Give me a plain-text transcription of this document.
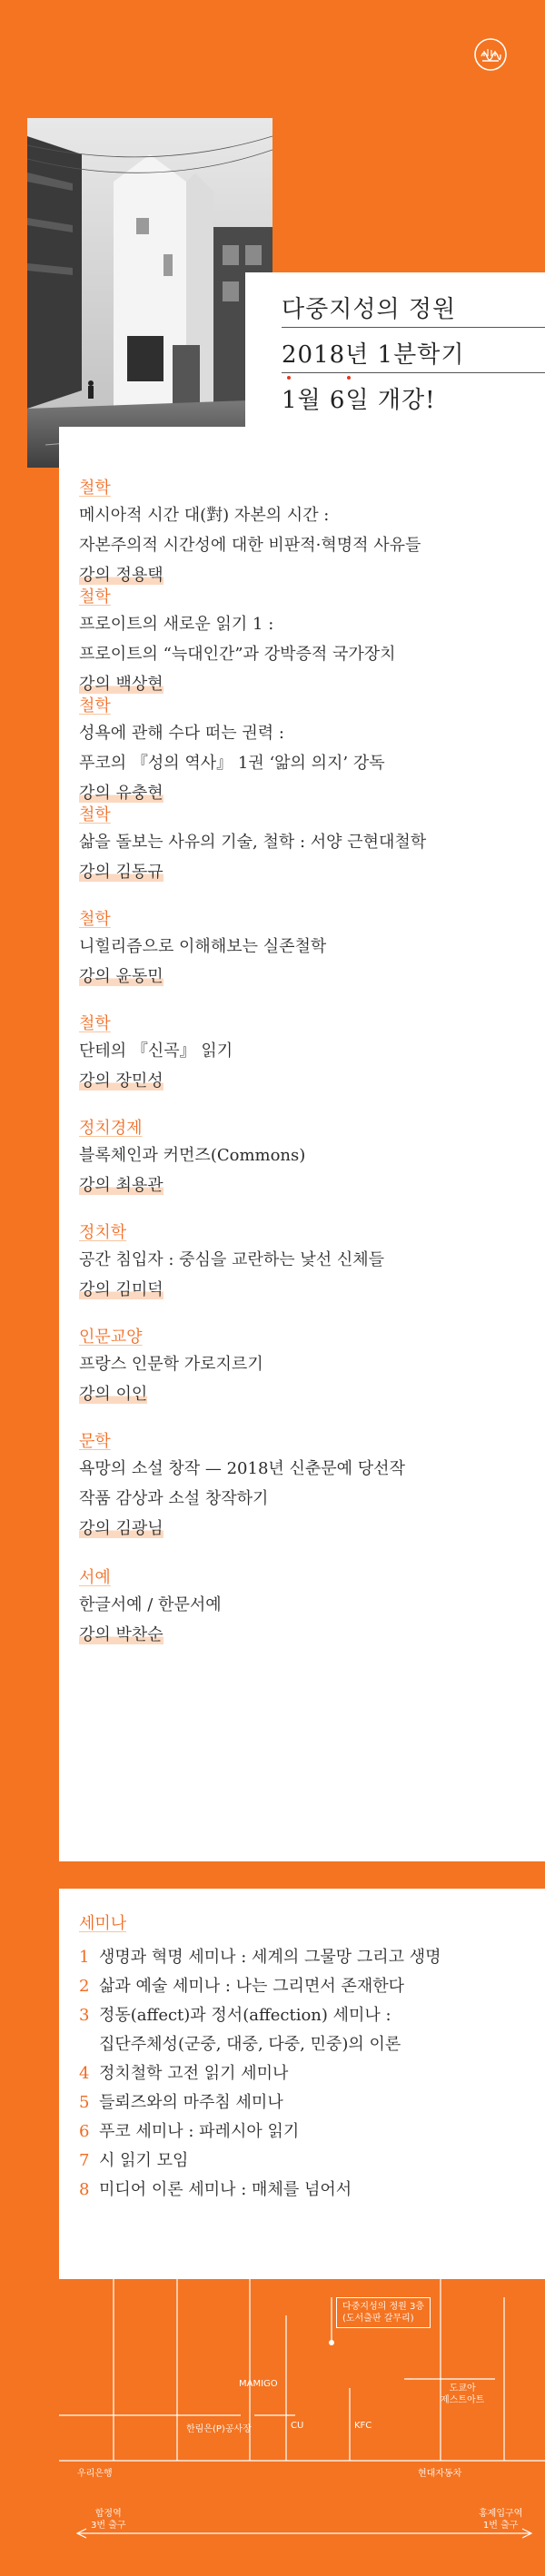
다중지성의 정원
2018년 1분학기
1월 6일 개강!
철학
메시아적 시간 대(對) 자본의 시간 :
자본주의적 시간성에 대한 비판적·혁명적 사유들
강의 정용택
철학
프로이트의 새로운 읽기 1 :
프로이트의 “늑대인간”과 강박증적 국가장치
강의 백상현
철학
성욕에 관해 수다 떠는 권력 :
푸코의 『성의 역사』 1권 ‘앎의 의지’ 강독
강의 유충현
철학
삶을 돌보는 사유의 기술, 철학 : 서양 근현대철학
강의 김동규
철학
니힐리즘으로 이해해보는 실존철학
강의 윤동민
철학
단테의 『신곡』 읽기
강의 장민성
정치경제
블록체인과 커먼즈(Commons)
강의 최용관
정치학
공간 침입자 : 중심을 교란하는 낯선 신체들
강의 김미덕
인문교양
프랑스 인문학 가로지르기
강의 이인
문학
욕망의 소설 창작 — 2018년 신춘문예 당선작
작품 감상과 소설 창작하기
강의 김광님
서예
한글서예 / 한문서예
강의 박찬순
세미나
1 생명과 혁명 세미나 : 세계의 그물망 그리고 생명
2 삶과 예술 세미나 : 나는 그리면서 존재한다
3 정동(affect)과 정서(affection) 세미나 :
집단주체성(군중, 대중, 다중, 민중)의 이론
4 정치철학 고전 읽기 세미나
5 들뢰즈와의 마주침 세미나
6 푸코 세미나 : 파레시아 읽기
7 시 읽기 모임
8 미디어 이론 세미나 : 매체를 넘어서
다중지성의 정원 3층
(도서출판 갈무리)
MAMIGO	도쿄아
제스트아트
CU
한림은(P)공사장	KFC
우리은행	현대자동차
합정역
3번 출구
홍제입구역
1번 출구
